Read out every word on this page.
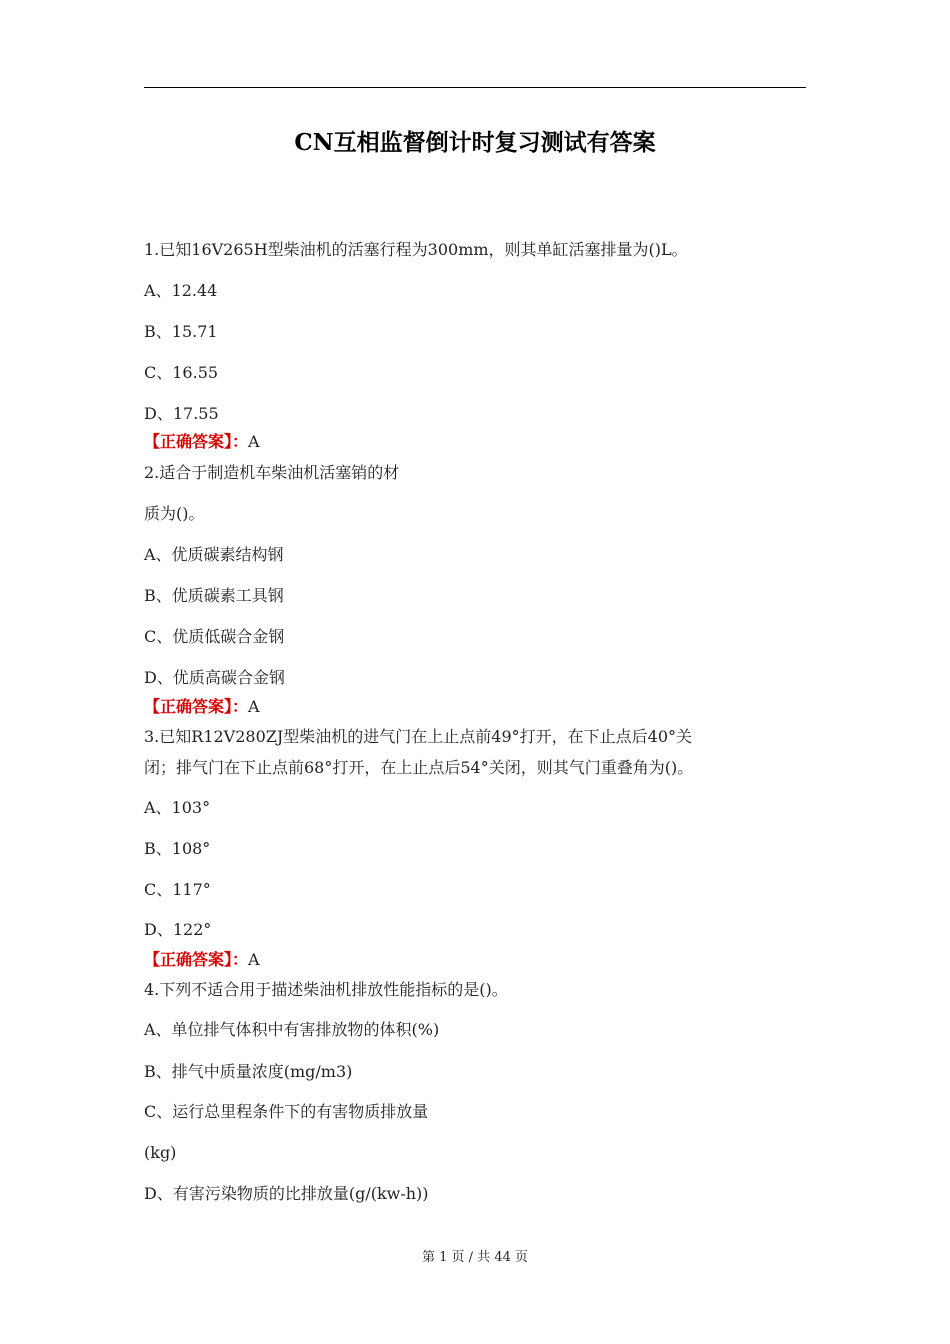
CN互相监督倒计时复习测试有答案
1.已知16V265H型柴油机的活塞行程为300mm，则其单缸活塞排量为()L。
A、12.44
B、15.71
C、16.55
D、17.55
【正确答案】：A
2.适合于制造机车柴油机活塞销的材
质为()。
A、优质碳素结构钢
B、优质碳素工具钢
C、优质低碳合金钢
D、优质高碳合金钢
【正确答案】：A
3.已知R12V280ZJ型柴油机的进气门在上止点前49°打开，在下止点后40°关
闭；排气门在下止点前68°打开，在上止点后54°关闭，则其气门重叠角为()。
A、103°
B、108°
C、117°
D、122°
【正确答案】：A
4.下列不适合用于描述柴油机排放性能指标的是()。
A、单位排气体积中有害排放物的体积(%)
B、排气中质量浓度(mg/m3)
C、运行总里程条件下的有害物质排放量
(kg)
D、有害污染物质的比排放量(g/(kw-h))
第 1 页 / 共 44 页
